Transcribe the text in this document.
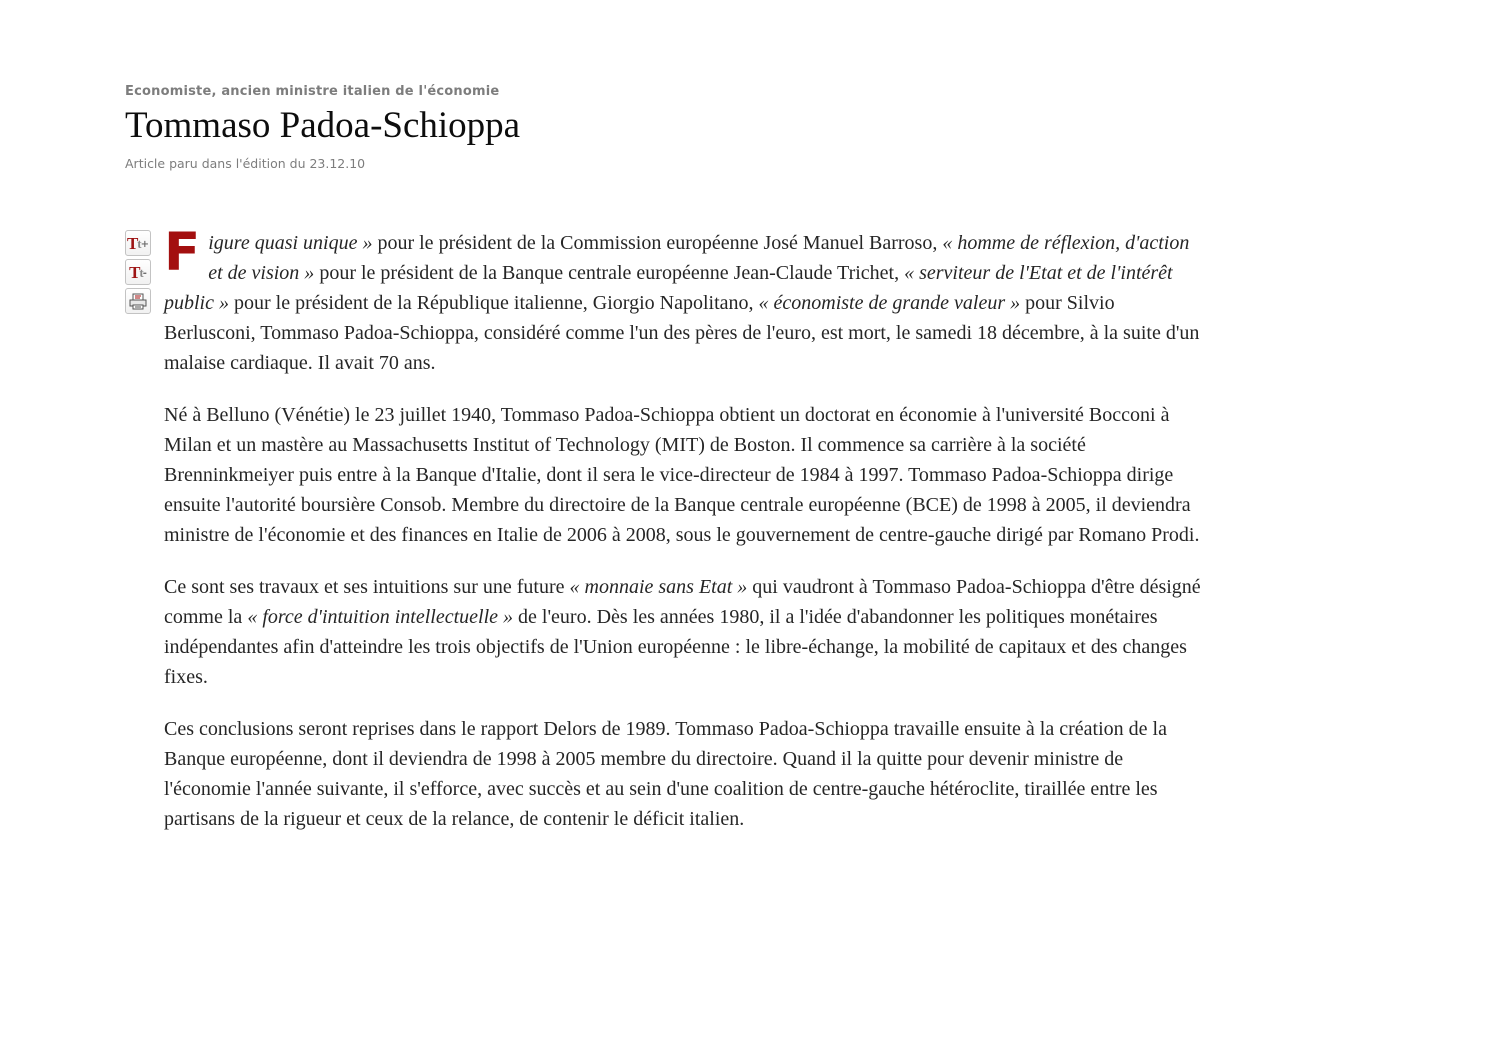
Economiste, ancien ministre italien de l'économie
Tommaso Padoa-Schioppa
Article paru dans l'édition du 23.12.10
T t +
T t - Figure quasi unique » pour le président de la Commission européenne José Manuel Barroso, « homme de réflexion, d'action et de vision » pour le président de la Banque centrale européenne Jean-Claude Trichet, « serviteur de l'Etat et de l'intérêt public » pour le président de la République italienne, Giorgio Napolitano, « économiste de grande valeur » pour Silvio Berlusconi, Tommaso Padoa-Schioppa, considéré comme l'un des pères de l'euro, est mort, le samedi 18 décembre, à la suite d'un malaise cardiaque. Il avait 70 ans.

Né à Belluno (Vénétie) le 23 juillet 1940, Tommaso Padoa-Schioppa obtient un doctorat en économie à l'université Bocconi à Milan et un mastère au Massachusetts Institut of Technology (MIT) de Boston. Il commence sa carrière à la société Brenninkmeiyer puis entre à la Banque d'Italie, dont il sera le vice-directeur de 1984 à 1997. Tommaso Padoa-Schioppa dirige ensuite l'autorité boursière Consob. Membre du directoire de la Banque centrale européenne (BCE) de 1998 à 2005, il deviendra ministre de l'économie et des finances en Italie de 2006 à 2008, sous le gouvernement de centre-gauche dirigé par Romano Prodi.

Ce sont ses travaux et ses intuitions sur une future « monnaie sans Etat » qui vaudront à Tommaso Padoa-Schioppa d'être désigné comme la « force d'intuition intellectuelle » de l'euro. Dès les années 1980, il a l'idée d'abandonner les politiques monétaires indépendantes afin d'atteindre les trois objectifs de l'Union européenne : le libre-échange, la mobilité de capitaux et des changes fixes.

Ces conclusions seront reprises dans le rapport Delors de 1989. Tommaso Padoa-Schioppa travaille ensuite à la création de la Banque européenne, dont il deviendra de 1998 à 2005 membre du directoire. Quand il la quitte pour devenir ministre de l'économie l'année suivante, il s'efforce, avec succès et au sein d'une coalition de centre-gauche hétéroclite, tiraillée entre les partisans de la rigueur et ceux de la relance, de contenir le déficit italien.
